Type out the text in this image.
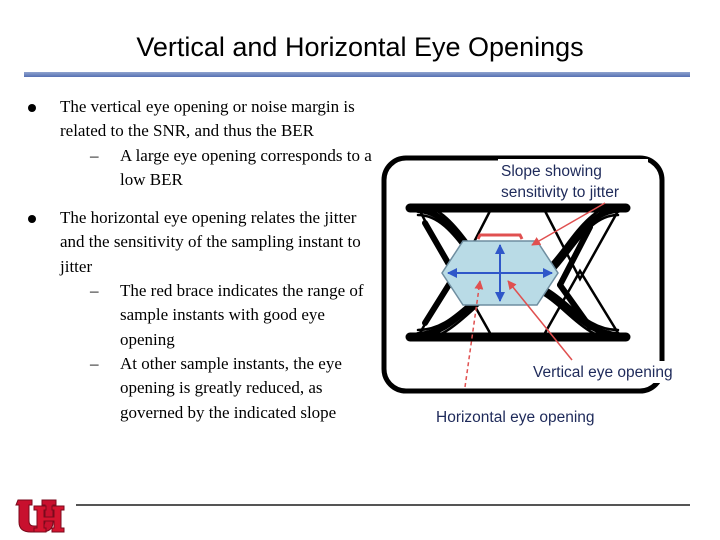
Vertical and Horizontal Eye Openings
The vertical eye opening or noise margin is related to the SNR, and thus the BER
– A large eye opening corresponds to a low BER
The horizontal eye opening relates the jitter and the sensitivity of the sampling instant to jitter
– The red brace indicates the range of sample instants with good eye opening
– At other sample instants, the eye opening is greatly reduced, as governed by the indicated slope
Slope showing
sensitivity to jitter
Vertical eye opening
Horizontal eye opening
